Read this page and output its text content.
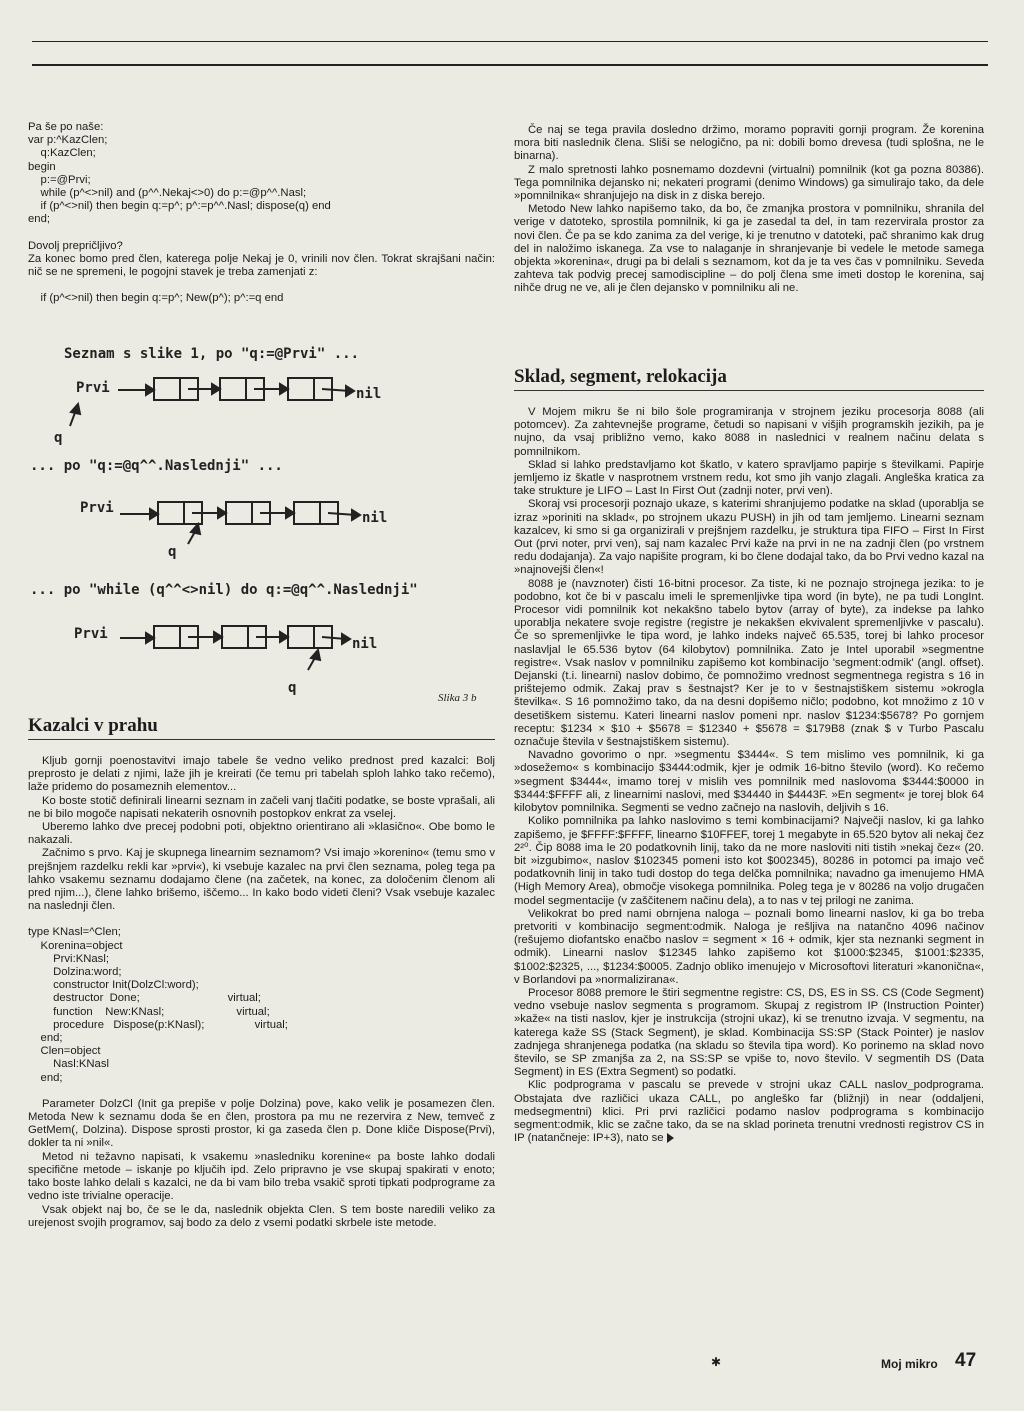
Pa še po naše:
var p:^KazClen;
q:KazClen;
begin
p:=@Prvi;
while (p^<>nil) and (p^^.Nekaj<>0) do p:=@p^^.Nasl;
if (p^<>nil) then begin q:=p^; p^:=p^^.Nasl; dispose(q) end
end;

Dovolj prepričljivo?

Za konec bomo pred člen, katerega polje Nekaj je 0, vrinili nov člen. Tokrat skrajšani način: nič se ne spremeni, le pogojni stavek je treba zamenjati z:

if (p^<>nil) then begin q:=p^; New(p^); p^:=q end

Seznam s slike 1, po "q:=@Prvi" ...
... po "q:=@q^^.Naslednji" ...
... po "while (q^^<>nil) do q:=@q^^.Naslednji"
Prvi	nil
q
Prvi
nil
q
Prvi
nil
q
Slika 3 b
Kazalci v prahu

Kljub gornji poenostavitvi imajo tabele še vedno veliko prednost pred kazalci: Bolj preprosto je delati z njimi, laže jih je kreirati (če temu pri tabelah sploh lahko tako rečemo), laže pridemo do posameznih elementov...

Ko boste stotič definirali linearni seznam in začeli vanj tlačiti podatke, se boste vprašali, ali ne bi bilo mogoče napisati nekaterih osnovnih postopkov enkrat za vselej.

Uberemo lahko dve precej podobni poti, objektno orientirano ali »klasično«. Obe bomo le nakazali.

Začnimo s prvo. Kaj je skupnega linearnim seznamom? Vsi imajo »korenino« (temu smo v prejšnjem razdelku rekli kar »prvi«), ki vsebuje kazalec na prvi člen seznama, poleg tega pa lahko vsakemu seznamu dodajamo člene (na začetek, na konec, za določenim členom ali pred njim...), člene lahko brišemo, iščemo... In kako bodo videti členi? Vsak vsebuje kazalec na naslednji člen.

type KNasl=^Clen;
Korenina=object
Prvi:KNasl;
Dolzina:word;
constructor Init(DolzCl:word);
destructor  Done;                            virtual;
function    New:KNasl;                       virtual;
procedure   Dispose(p:KNasl);                virtual;
end;
Clen=object
Nasl:KNasl
end;

Parameter DolzCl (Init ga prepiše v polje Dolzina) pove, kako velik je posamezen člen. Metoda New k seznamu doda še en člen, prostora pa mu ne rezervira z New, temveč z GetMem(, Dolzina). Dispose sprosti prostor, ki ga zaseda člen p. Done kliče Dispose(Prvi), dokler ta ni »nil«.

Metod ni težavno napisati, k vsakemu »nasledniku korenine« pa boste lahko dodali specifične metode – iskanje po ključih ipd. Zelo pripravno je vse skupaj spakirati v enoto; tako boste lahko delali s kazalci, ne da bi vam bilo treba vsakič sproti tipkati podprograme za vedno iste trivialne operacije.

Vsak objekt naj bo, če se le da, naslednik objekta Clen. S tem boste naredili veliko za urejenost svojih programov, saj bodo za delo z vsemi podatki skrbele iste metode.

Če naj se tega pravila dosledno držimo, moramo popraviti gornji program. Že korenina mora biti naslednik člena. Sliši se nelogično, pa ni: dobili bomo drevesa (tudi splošna, ne le binarna).

Z malo spretnosti lahko posnemamo dozdevni (virtualni) pomnilnik (kot ga pozna 80386). Tega pomnilnika dejansko ni; nekateri programi (denimo Windows) ga simulirajo tako, da dele »pomnilnika« shranjujejo na disk in z diska berejo.

Metodo New lahko napišemo tako, da bo, če zmanjka prostora v pomnilniku, shranila del verige v datoteko, sprostila pomnilnik, ki ga je zasedal ta del, in tam rezervirala prostor za novi člen. Če pa se kdo zanima za del verige, ki je trenutno v datoteki, pač shranimo kak drug del in naložimo iskanega. Za vse to nalaganje in shranjevanje bi vedele le metode samega objekta »korenina«, drugi pa bi delali s seznamom, kot da je ta ves čas v pomnilniku. Seveda zahteva tak podvig precej samodiscipline – do polj člena sme imeti dostop le korenina, saj nihče drug ne ve, ali je člen dejansko v pomnilniku ali ne.

Sklad, segment, relokacija

V Mojem mikru še ni bilo šole programiranja v strojnem jeziku procesorja 8088 (ali potomcev). Za zahtevnejše programe, četudi so napisani v višjih programskih jezikih, pa je nujno, da vsaj približno vemo, kako 8088 in naslednici v realnem načinu delata s pomnilnikom.

Sklad si lahko predstavljamo kot škatlo, v katero spravljamo papirje s številkami. Papirje jemljemo iz škatle v nasprotnem vrstnem redu, kot smo jih vanjo zlagali. Angleška kratica za take strukture je LIFO – Last In First Out (zadnji noter, prvi ven).

Skoraj vsi procesorji poznajo ukaze, s katerimi shranjujemo podatke na sklad (uporablja se izraz »poriniti na sklad«, po strojnem ukazu PUSH) in jih od tam jemljemo. Linearni seznam kazalcev, ki smo si ga organizirali v prejšnjem razdelku, je struktura tipa FIFO – First In First Out (prvi noter, prvi ven), saj nam kazalec Prvi kaže na prvi in ne na zadnji člen (po vrstnem redu dodajanja). Za vajo napišite program, ki bo člene dodajal tako, da bo Prvi vedno kazal na »najnovejši člen«!

8088 je (navznoter) čisti 16-bitni procesor. Za tiste, ki ne poznajo strojnega jezika: to je podobno, kot če bi v pascalu imeli le spremenljivke tipa word (in byte), ne pa tudi LongInt. Procesor vidi pomnilnik kot nekakšno tabelo bytov (array of byte), za indekse pa lahko uporablja nekatere svoje registre (registre je nekakšen ekvivalent spremenljivke v pascalu). Če so spremenljivke le tipa word, je lahko indeks največ 65.535, torej bi lahko procesor naslavljal le 65.536 bytov (64 kilobytov) pomnilnika. Zato je Intel uporabil »segmentne registre«. Vsak naslov v pomnilniku zapišemo kot kombinacijo 'segment:odmik' (angl. offset). Dejanski (t.i. linearni) naslov dobimo, če pomnožimo vrednost segmentnega registra s 16 in prištejemo odmik. Zakaj prav s šestnajst? Ker je to v šestnajstiškem sistemu »okrogla številka«. S 16 pomnožimo tako, da na desni dopišemo ničlo; podobno, kot množimo z 10 v desetiškem sistemu. Kateri linearni naslov pomeni npr. naslov $1234:$5678? Po gornjem receptu: $1234 × $10 + $5678 = $12340 + $5678 = $179B8 (znak $ v Turbo Pascalu označuje števila v šestnajstiškem sistemu).

Navadno govorimo o npr. »segmentu $3444«. S tem mislimo ves pomnilnik, ki ga »dosežemo« s kombinacijo $3444:odmik, kjer je odmik 16-bitno število (word). Ko rečemo »segment $3444«, imamo torej v mislih ves pomnilnik med naslovoma $3444:$0000 in $3444:$FFFF ali, z linearnimi naslovi, med $34440 in $4443F. »En segment« je torej blok 64 kilobytov pomnilnika. Segmenti se vedno začnejo na naslovih, deljivih s 16.

Koliko pomnilnika pa lahko naslovimo s temi kombinacijami? Največji naslov, ki ga lahko zapišemo, je $FFFF:$FFFF, linearno $10FFEF, torej 1 megabyte in 65.520 bytov ali nekaj čez 2²⁰. Čip 8088 ima le 20 podatkovnih linij, tako da ne more nasloviti niti tistih »nekaj čez« (20. bit »izgubimo«, naslov $102345 pomeni isto kot $002345), 80286 in potomci pa imajo več podatkovnih linij in tako tudi dostop do tega delčka pomnilnika; navadno ga imenujemo HMA (High Memory Area), območje visokega pomnilnika. Poleg tega je v 80286 na voljo drugačen model segmentacije (v zaščitenem načinu dela), a to nas v tej prilogi ne zanima.

Velikokrat bo pred nami obrnjena naloga – poznali bomo linearni naslov, ki ga bo treba pretvoriti v kombinacijo segment:odmik. Naloga je rešljiva na natančno 4096 načinov (rešujemo diofantsko enačbo naslov = segment × 16 + odmik, kjer sta neznanki segment in odmik). Linearni naslov $12345 lahko zapišemo kot $1000:$2345, $1001:$2335, $1002:$2325, ..., $1234:$0005. Zadnjo obliko imenujejo v Microsoftovi literaturi »kanonična«, v Borlandovi pa »normalizirana«.

Procesor 8088 premore le štiri segmentne registre: CS, DS, ES in SS. CS (Code Segment) vedno vsebuje naslov segmenta s programom. Skupaj z registrom IP (Instruction Pointer) »kaže« na tisti naslov, kjer je instrukcija (strojni ukaz), ki se trenutno izvaja. V segmentu, na katerega kaže SS (Stack Segment), je sklad. Kombinacija SS:SP (Stack Pointer) je naslov zadnjega shranjenega podatka (na skladu so števila tipa word). Ko porinemo na sklad novo število, se SP zmanjša za 2, na SS:SP se vpiše to, novo število. V segmentih DS (Data Segment) in ES (Extra Segment) so podatki.

Klic podprograma v pascalu se prevede v strojni ukaz CALL naslov_podprograma. Obstajata dve različici ukaza CALL, po angleško far (bližnji) in near (oddaljeni, medsegmentni) klici. Pri prvi različici podamo naslov podprograma s kombinacijo segment:odmik, klic se začne tako, da se na sklad porineta trenutni vrednosti registrov CS in IP (natančneje: IP+3), nato se

✱	Moj mikro 47
